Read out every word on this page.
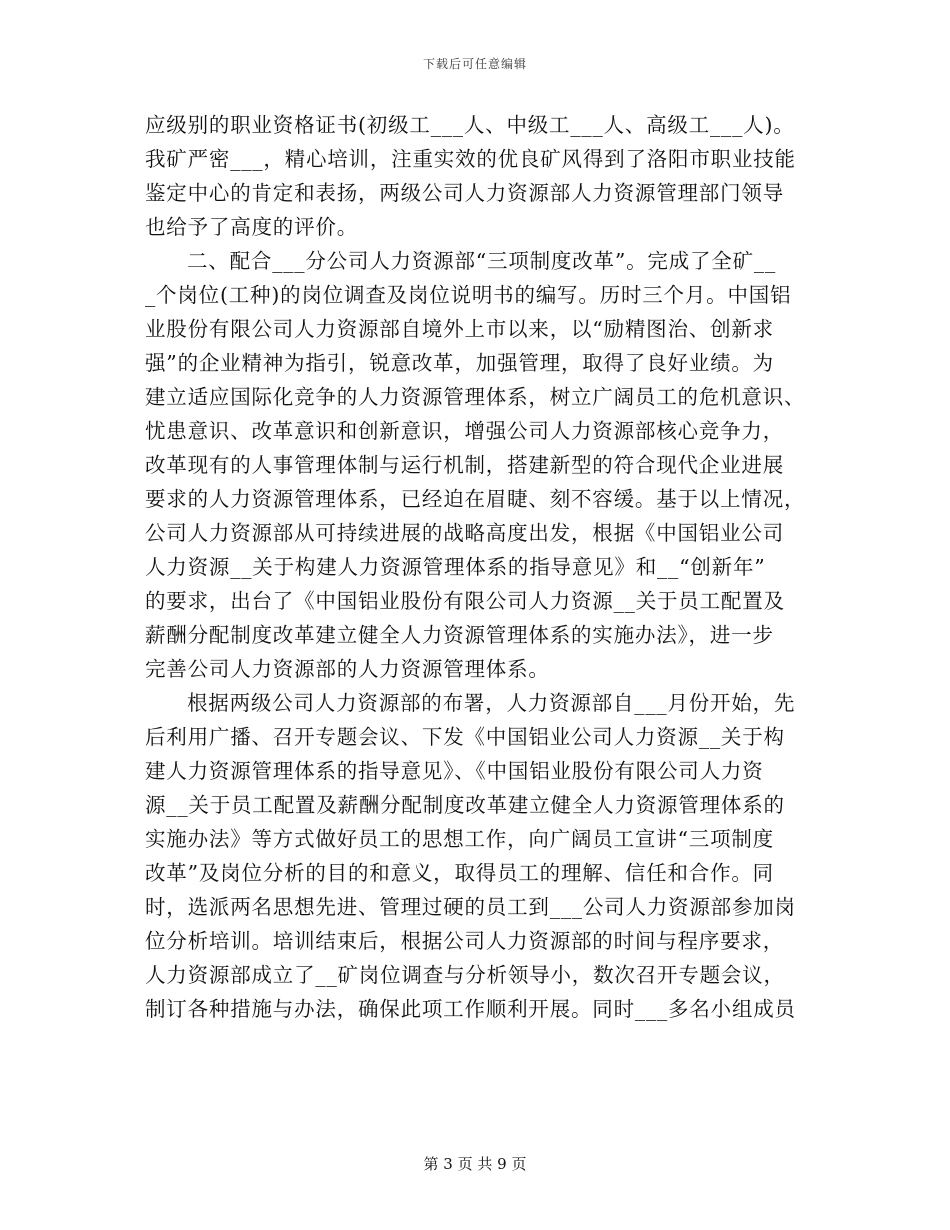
下载后可任意编辑
应级别的职业资格证书(初级工___人、中级工___人、高级工___人)。
我矿严密___，精心培训，注重实效的优良矿风得到了洛阳市职业技能
鉴定中心的肯定和表扬，两级公司人力资源部人力资源管理部门领导
也给予了高度的评价。
二、配合___分公司人力资源部“三项制度改革”。完成了全矿__
_个岗位(工种)的岗位调查及岗位说明书的编写。历时三个月。中国铝
业股份有限公司人力资源部自境外上市以来，以“励精图治、创新求
强”的企业精神为指引，锐意改革，加强管理，取得了良好业绩。为
建立适应国际化竞争的人力资源管理体系，树立广阔员工的危机意识、
忧患意识、改革意识和创新意识，增强公司人力资源部核心竞争力，
改革现有的人事管理体制与运行机制，搭建新型的符合现代企业进展
要求的人力资源管理体系，已经迫在眉睫、刻不容缓。基于以上情况，
公司人力资源部从可持续进展的战略高度出发，根据《中国铝业公司
人力资源__关于构建人力资源管理体系的指导意见》和__“创新年”
的要求，出台了《中国铝业股份有限公司人力资源__关于员工配置及
薪酬分配制度改革建立健全人力资源管理体系的实施办法》，进一步
完善公司人力资源部的人力资源管理体系。
根据两级公司人力资源部的布署，人力资源部自___月份开始，先
后利用广播、召开专题会议、下发《中国铝业公司人力资源__关于构
建人力资源管理体系的指导意见》、《中国铝业股份有限公司人力资
源__关于员工配置及薪酬分配制度改革建立健全人力资源管理体系的
实施办法》等方式做好员工的思想工作，向广阔员工宣讲“三项制度
改革”及岗位分析的目的和意义，取得员工的理解、信任和合作。同
时，选派两名思想先进、管理过硬的员工到___公司人力资源部参加岗
位分析培训。培训结束后，根据公司人力资源部的时间与程序要求，
人力资源部成立了__矿岗位调查与分析领导小，数次召开专题会议，
制订各种措施与办法，确保此项工作顺利开展。同时___多名小组成员
第 3 页 共 9 页
